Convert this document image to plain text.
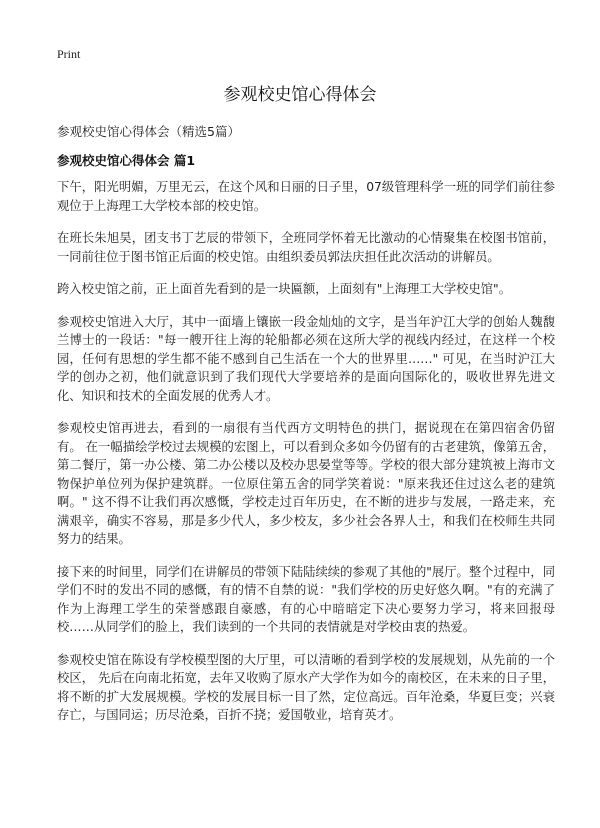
Print
参观校史馆心得体会
参观校史馆心得体会（精选5篇）
参观校史馆心得体会 篇1

下午，阳光明媚，万里无云，在这个风和日丽的日子里，07级管理科学一班的同学们前往参观位于上海理工大学校本部的校史馆。

在班长朱旭昊，团支书丁艺辰的带领下，全班同学怀着无比激动的心情聚集在校图书馆前，一同前往位于图书馆正后面的校史馆。由组织委员郭法庆担任此次活动的讲解员。

跨入校史馆之前，正上面首先看到的是一块匾额，上面刻有"上海理工大学校史馆"。

参观校史馆进入大厅，其中一面墙上镶嵌一段金灿灿的文字，是当年沪江大学的创始人魏馥兰博士的一段话："每一艘开往上海的轮船都必须在这所大学的视线内经过，在这样一个校园，任何有思想的学生都不能不感到自己生活在一个大的世界里……" 可见，在当时沪江大学的创办之初，他们就意识到了我们现代大学要培养的是面向国际化的，吸收世界先进文化、知识和技术的全面发展的优秀人才。

参观校史馆再进去，看到的一扇很有当代西方文明特色的拱门，据说现在在第四宿舍仍留有。 在一幅描绘学校过去规模的宏图上，可以看到众多如今仍留有的古老建筑，像第五舍，第二餐厅，第一办公楼、第二办公楼以及校办思晏堂等等。学校的很大部分建筑被上海市文物保护单位列为保护建筑群。一位原住第五舍的同学笑着说："原来我还住过这么老的建筑啊。" 这不得不让我们再次感慨，学校走过百年历史，在不断的进步与发展，一路走来，充满艰辛，确实不容易，那是多少代人，多少校友，多少社会各界人士，和我们在校师生共同努力的结果。

接下来的时间里，同学们在讲解员的带领下陆陆续续的参观了其他的"展厅。整个过程中，同学们不时的发出不同的感慨，有的情不自禁的说："我们学校的历史好悠久啊。"有的充满了作为上海理工学生的荣誉感跟自豪感，有的心中暗暗定下决心要努力学习，将来回报母校……从同学们的脸上，我们读到的一个共同的表情就是对学校由衷的热爱。

参观校史馆在陈设有学校模型图的大厅里，可以清晰的看到学校的发展规划，从先前的一个校区， 先后在向南北拓宽，去年又收购了原水产大学作为如今的南校区，在未来的日子里，将不断的扩大发展规模。学校的发展目标一目了然，定位高远。百年沧桑，华夏巨变；兴衰存亡，与国同运；历尽沧桑，百折不挠；爱国敬业，培育英才。
